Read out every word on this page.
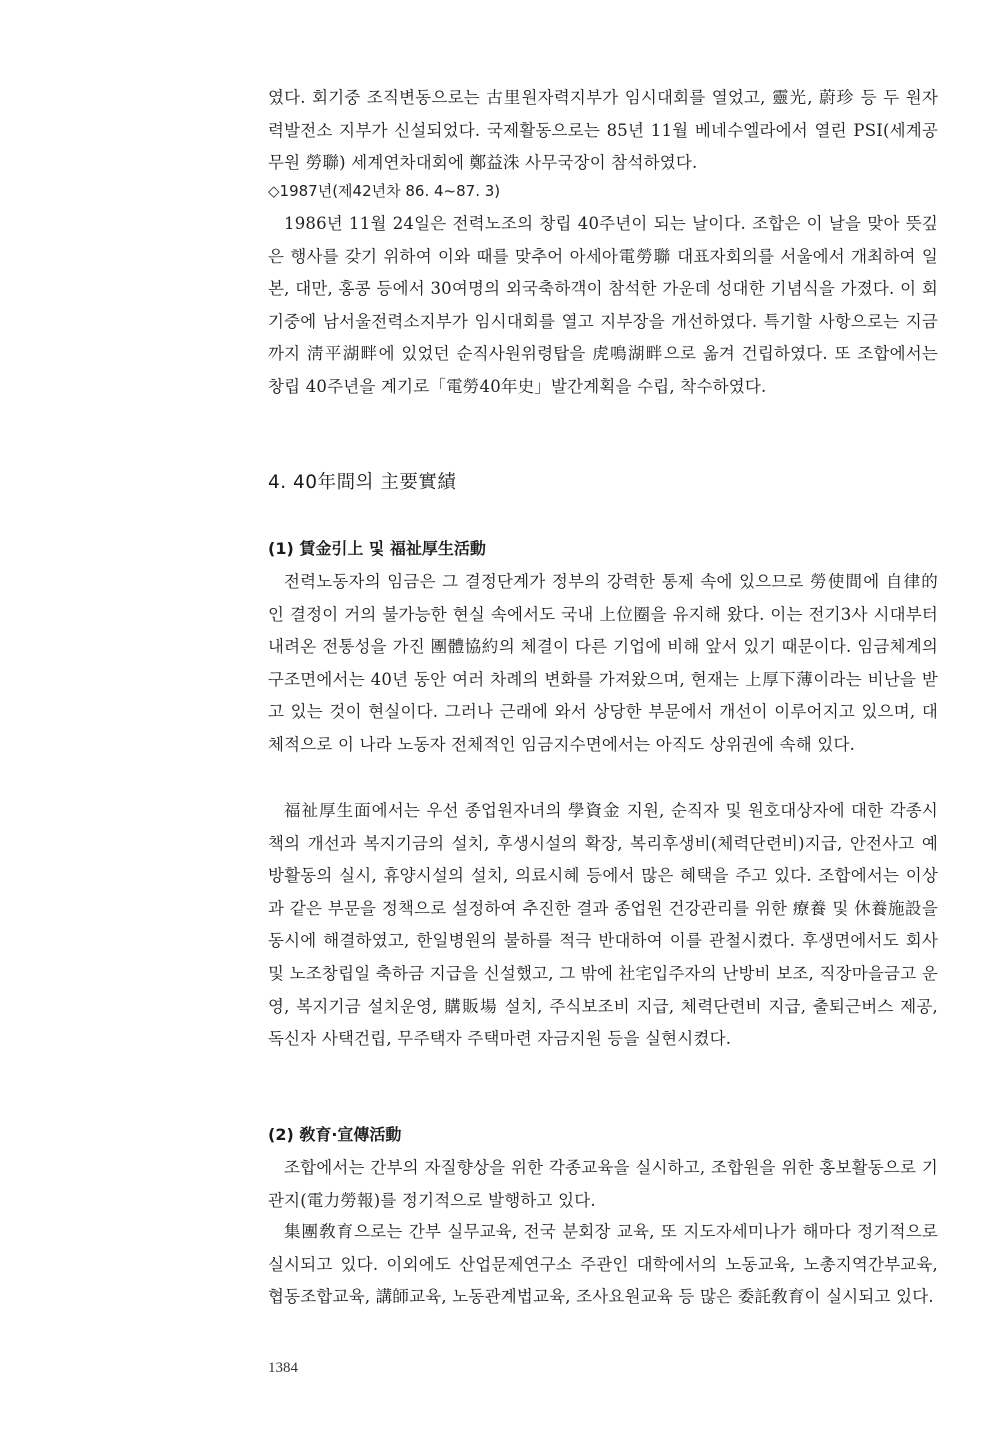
였다. 회기중 조직변동으로는 古里원자력지부가 임시대회를 열었고, 靈光, 蔚珍 등 두 원자력발전소 지부가 신설되었다. 국제활동으로는 85년 11월 베네수엘라에서 열린 PSI(세계공무원 勞聯) 세계연차대회에 鄭益洙 사무국장이 참석하였다.

◇1987년(제42년차 86. 4~87. 3)

1986년 11월 24일은 전력노조의 창립 40주년이 되는 날이다. 조합은 이 날을 맞아 뜻깊은 행사를 갖기 위하여 이와 때를 맞추어 아세아電勞聯 대표자회의를 서울에서 개최하여 일본, 대만, 홍콩 등에서 30여명의 외국축하객이 참석한 가운데 성대한 기념식을 가졌다. 이 회기중에 남서울전력소지부가 임시대회를 열고 지부장을 개선하였다. 특기할 사항으로는 지금까지 淸平湖畔에 있었던 순직사원위령탑을 虎鳴湖畔으로 옮겨 건립하였다. 또 조합에서는 창립 40주년을 계기로「電勞40年史」발간계획을 수립, 착수하였다.

4. 40年間의 主要實績
(1) 賃金引上 및 福祉厚生活動

전력노동자의 임금은 그 결정단계가 정부의 강력한 통제 속에 있으므로 勞使間에 自律的인 결정이 거의 불가능한 현실 속에서도 국내 上位圈을 유지해 왔다. 이는 전기3사 시대부터 내려온 전통성을 가진 團體協約의 체결이 다른 기업에 비해 앞서 있기 때문이다. 임금체계의 구조면에서는 40년 동안 여러 차례의 변화를 가져왔으며, 현재는 上厚下薄이라는 비난을 받고 있는 것이 현실이다. 그러나 근래에 와서 상당한 부문에서 개선이 이루어지고 있으며, 대체적으로 이 나라 노동자 전체적인 임금지수면에서는 아직도 상위권에 속해 있다.

福祉厚生面에서는 우선 종업원자녀의 學資金 지원, 순직자 및 원호대상자에 대한 각종시책의 개선과 복지기금의 설치, 후생시설의 확장, 복리후생비(체력단련비)지급, 안전사고 예방활동의 실시, 휴양시설의 설치, 의료시혜 등에서 많은 혜택을 주고 있다. 조합에서는 이상과 같은 부문을 정책으로 설정하여 추진한 결과 종업원 건강관리를 위한 療養 및 休養施設을 동시에 해결하였고, 한일병원의 불하를 적극 반대하여 이를 관철시켰다. 후생면에서도 회사 및 노조창립일 축하금 지급을 신설했고, 그 밖에 社宅입주자의 난방비 보조, 직장마을금고 운영, 복지기금 설치운영, 購販場 설치, 주식보조비 지급, 체력단련비 지급, 출퇴근버스 제공, 독신자 사택건립, 무주택자 주택마련 자금지원 등을 실현시켰다.

(2) 敎育·宣傳活動

조합에서는 간부의 자질향상을 위한 각종교육을 실시하고, 조합원을 위한 홍보활동으로 기관지(電力勞報)를 정기적으로 발행하고 있다.

集團敎育으로는 간부 실무교육, 전국 분회장 교육, 또 지도자세미나가 해마다 정기적으로 실시되고 있다. 이외에도 산업문제연구소 주관인 대학에서의 노동교육, 노총지역간부교육, 협동조합교육, 講師교육, 노동관계법교육, 조사요원교육 등 많은 委託敎育이 실시되고 있다.

1384
